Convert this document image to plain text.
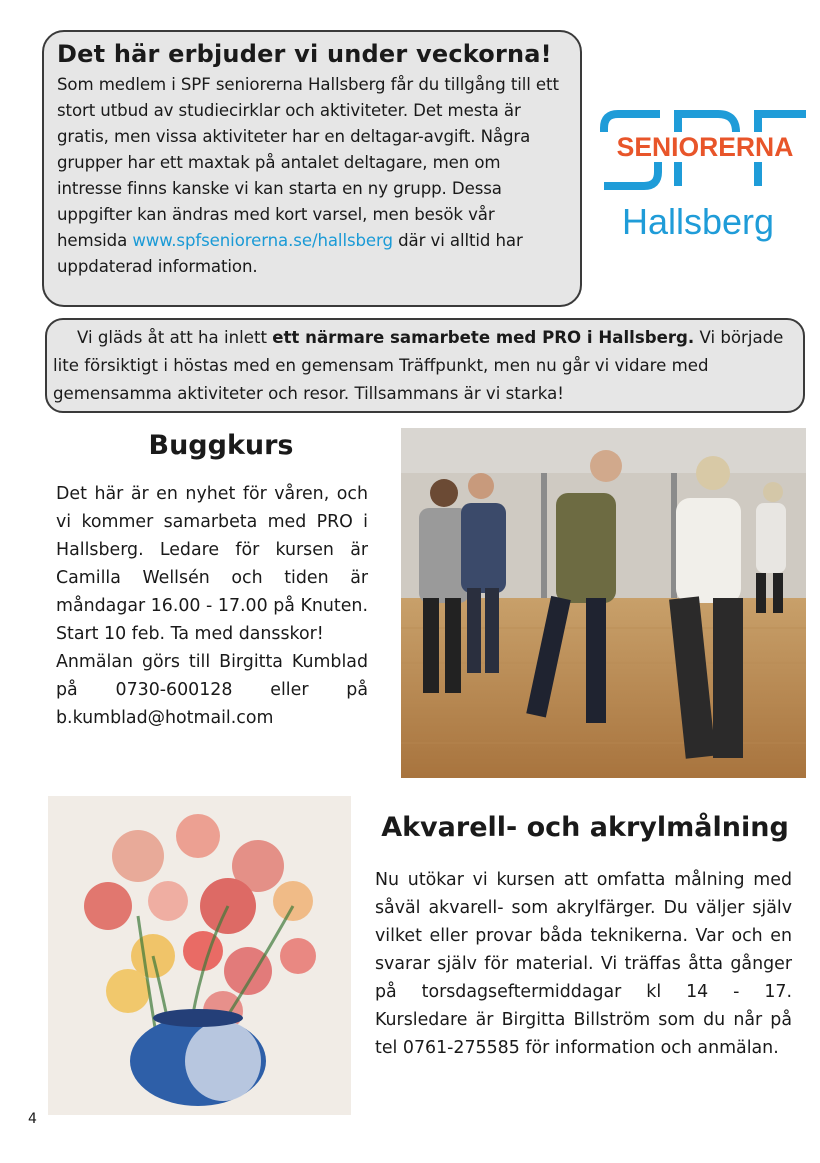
Det här erbjuder vi under veckorna!

Som medlem i SPF seniorerna Hallsberg får du tillgång till ett stort utbud av studiecirklar och aktiviteter. Det mesta är gratis, men vissa aktiviteter har en deltagar-avgift. Några grupper har ett maxtak på antalet deltagare, men om intresse finns kanske vi kan starta en ny grupp. Dessa uppgifter kan ändras med kort varsel, men besök vår hemsida www.spfseniorerna.se/hallsberg där vi alltid har uppdaterad information.

SENIORERNA
Hallsberg

Vi gläds åt att ha inlett ett närmare samarbete med PRO i Hallsberg. Vi började lite försiktigt i höstas med en gemensam Träffpunkt, men nu går vi vidare med gemensamma aktiviteter och resor. Tillsammans är vi starka!

Buggkurs
Det här är en nyhet för våren, och vi kommer samarbeta med PRO i Hallsberg. Ledare för kursen är Camilla Wellsén och tiden är måndagar 16.00 - 17.00 på Knuten. Start 10 feb. Ta med dansskor!
Anmälan görs till Birgitta Kumblad på 0730-600128 eller på b.kumblad@hotmail.com
Akvarell- och akrylmålning

Nu utökar vi kursen att omfatta målning med såväl akvarell- som akrylfärger. Du väljer själv vilket eller provar båda teknikerna. Var och en svarar själv för material. Vi träffas åtta gånger på torsdagseftermiddagar kl 14 - 17. Kursledare är Birgitta Billström som du når på tel 0761-275585 för information och anmälan.

4
